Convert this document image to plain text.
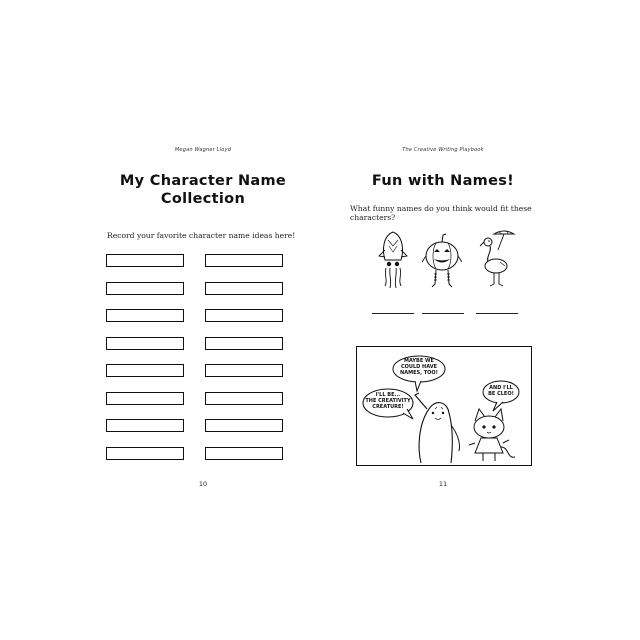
Megan Wagner Lloyd
My Character Name
Collection
Record your favorite character name ideas here!
10
The Creative Writing Playbook
Fun with Names!
What funny names do you think would fit these characters?
MAYBE WE
COULD HAVE
NAMES, TOO!
I'LL BE...
THE CREATIVITY
CREATURE!
AND I'LL
BE CLEO!
11
